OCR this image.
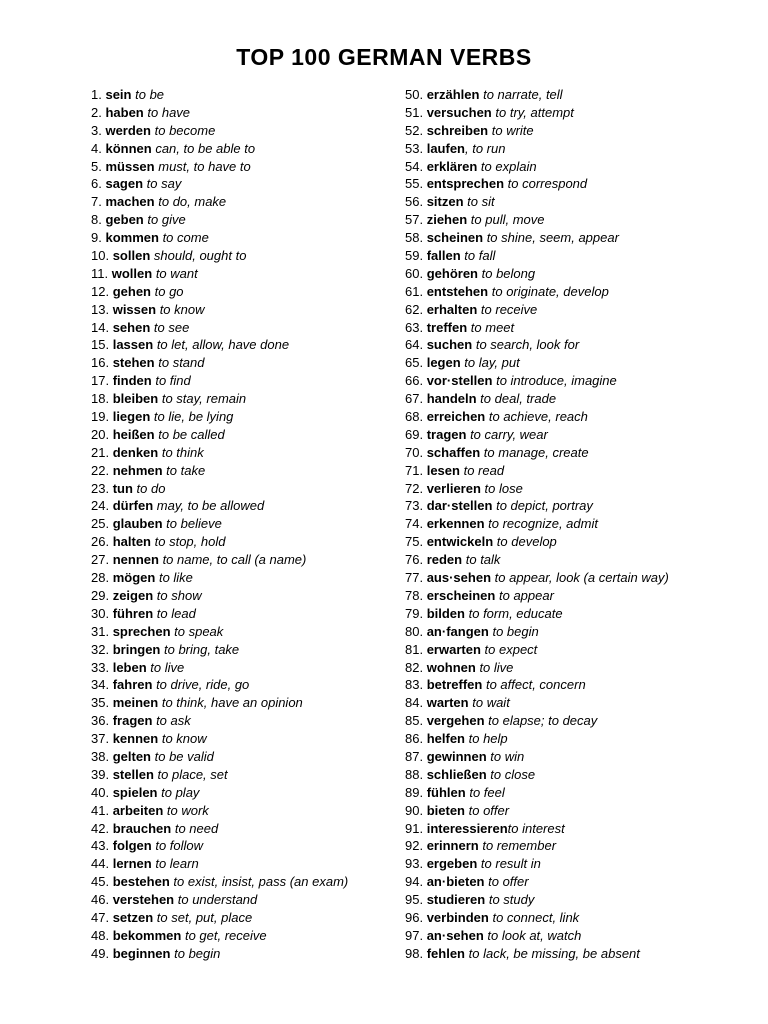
TOP 100 GERMAN VERBS
1. sein to be
2. haben to have
3. werden to become
4. können can, to be able to
5. müssen must, to have to
6. sagen to say
7. machen to do, make
8. geben to give
9. kommen to come
10. sollen should, ought to
11. wollen to want
12. gehen to go
13. wissen to know
14. sehen to see
15. lassen to let, allow, have done
16. stehen to stand
17. finden to find
18. bleiben to stay, remain
19. liegen to lie, be lying
20. heißen to be called
21. denken to think
22. nehmen to take
23. tun to do
24. dürfen may, to be allowed
25. glauben to believe
26. halten to stop, hold
27. nennen to name, to call (a name)
28. mögen to like
29. zeigen to show
30. führen to lead
31. sprechen to speak
32. bringen to bring, take
33. leben to live
34. fahren to drive, ride, go
35. meinen to think, have an opinion
36. fragen to ask
37. kennen to know
38. gelten to be valid
39. stellen to place, set
40. spielen to play
41. arbeiten to work
42. brauchen to need
43. folgen to follow
44. lernen to learn
45. bestehen to exist, insist, pass (an exam)
46. verstehen to understand
47. setzen to set, put, place
48. bekommen to get, receive
49. beginnen to begin
50. erzählen to narrate, tell
51. versuchen to try, attempt
52. schreiben to write
53. laufen, to run
54. erklären to explain
55. entsprechen to correspond
56. sitzen to sit
57. ziehen to pull, move
58. scheinen to shine, seem, appear
59. fallen to fall
60. gehören to belong
61. entstehen to originate, develop
62. erhalten to receive
63. treffen to meet
64. suchen to search, look for
65. legen to lay, put
66. vor·stellen to introduce, imagine
67. handeln to deal, trade
68. erreichen to achieve, reach
69. tragen to carry, wear
70. schaffen to manage, create
71. lesen to read
72. verlieren to lose
73. dar·stellen to depict, portray
74. erkennen to recognize, admit
75. entwickeln to develop
76. reden to talk
77. aus·sehen to appear, look (a certain way)
78. erscheinen to appear
79. bilden to form, educate
80. an·fangen to begin
81. erwarten to expect
82. wohnen to live
83. betreffen to affect, concern
84. warten to wait
85. vergehen to elapse; to decay
86. helfen to help
87. gewinnen to win
88. schließen to close
89. fühlen to feel
90. bieten to offer
91. interessierento interest
92. erinnern to remember
93. ergeben to result in
94. an·bieten to offer
95. studieren to study
96. verbinden to connect, link
97. an·sehen to look at, watch
98. fehlen to lack, be missing, be absent
